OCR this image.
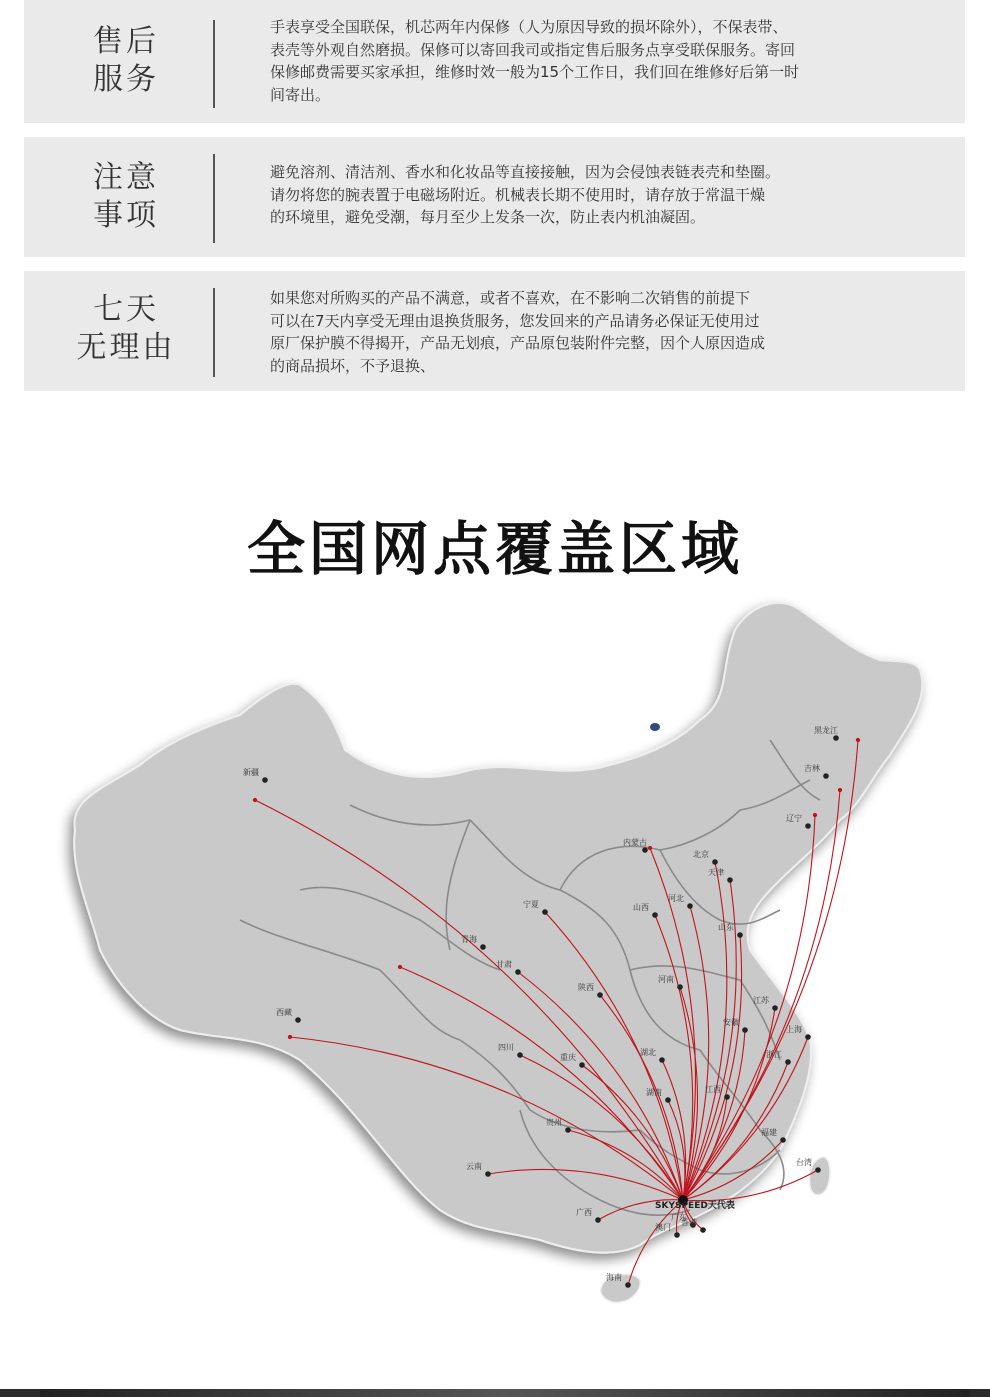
售后
服务
手表享受全国联保，机芯两年内保修（人为原因导致的损坏除外），不保表带、
表壳等外观自然磨损。保修可以寄回我司或指定售后服务点享受联保服务。寄回
保修邮费需要买家承担，维修时效一般为15个工作日，我们回在维修好后第一时
间寄出。
注意
事项
避免溶剂、清洁剂、香水和化妆品等直接接触，因为会侵蚀表链表壳和垫圈。
请勿将您的腕表置于电磁场附近。机械表长期不使用时，请存放于常温干燥
的环境里，避免受潮，每月至少上发条一次，防止表内机油凝固。
七天
无理由
如果您对所购买的产品不满意，或者不喜欢，在不影响二次销售的前提下
可以在7天内享受无理由退换货服务，您发回来的产品请务必保证无使用过
原厂保护膜不得揭开，产品无划痕，产品原包装附件完整，因个人原因造成
的商品损坏，不予退换、
全国网点覆盖区域
新疆
西藏
青海
甘肃
宁夏
内蒙古
四川
云南
贵州
重庆
陕西
山西
河北
北京
天津
山东
河南
湖北
湖南
安徽
江苏
上海
浙江
江西
福建
台湾
广西
广东
海南
辽宁
吉林
黑龙江
澳门
香港
SKYSPEED天代表
